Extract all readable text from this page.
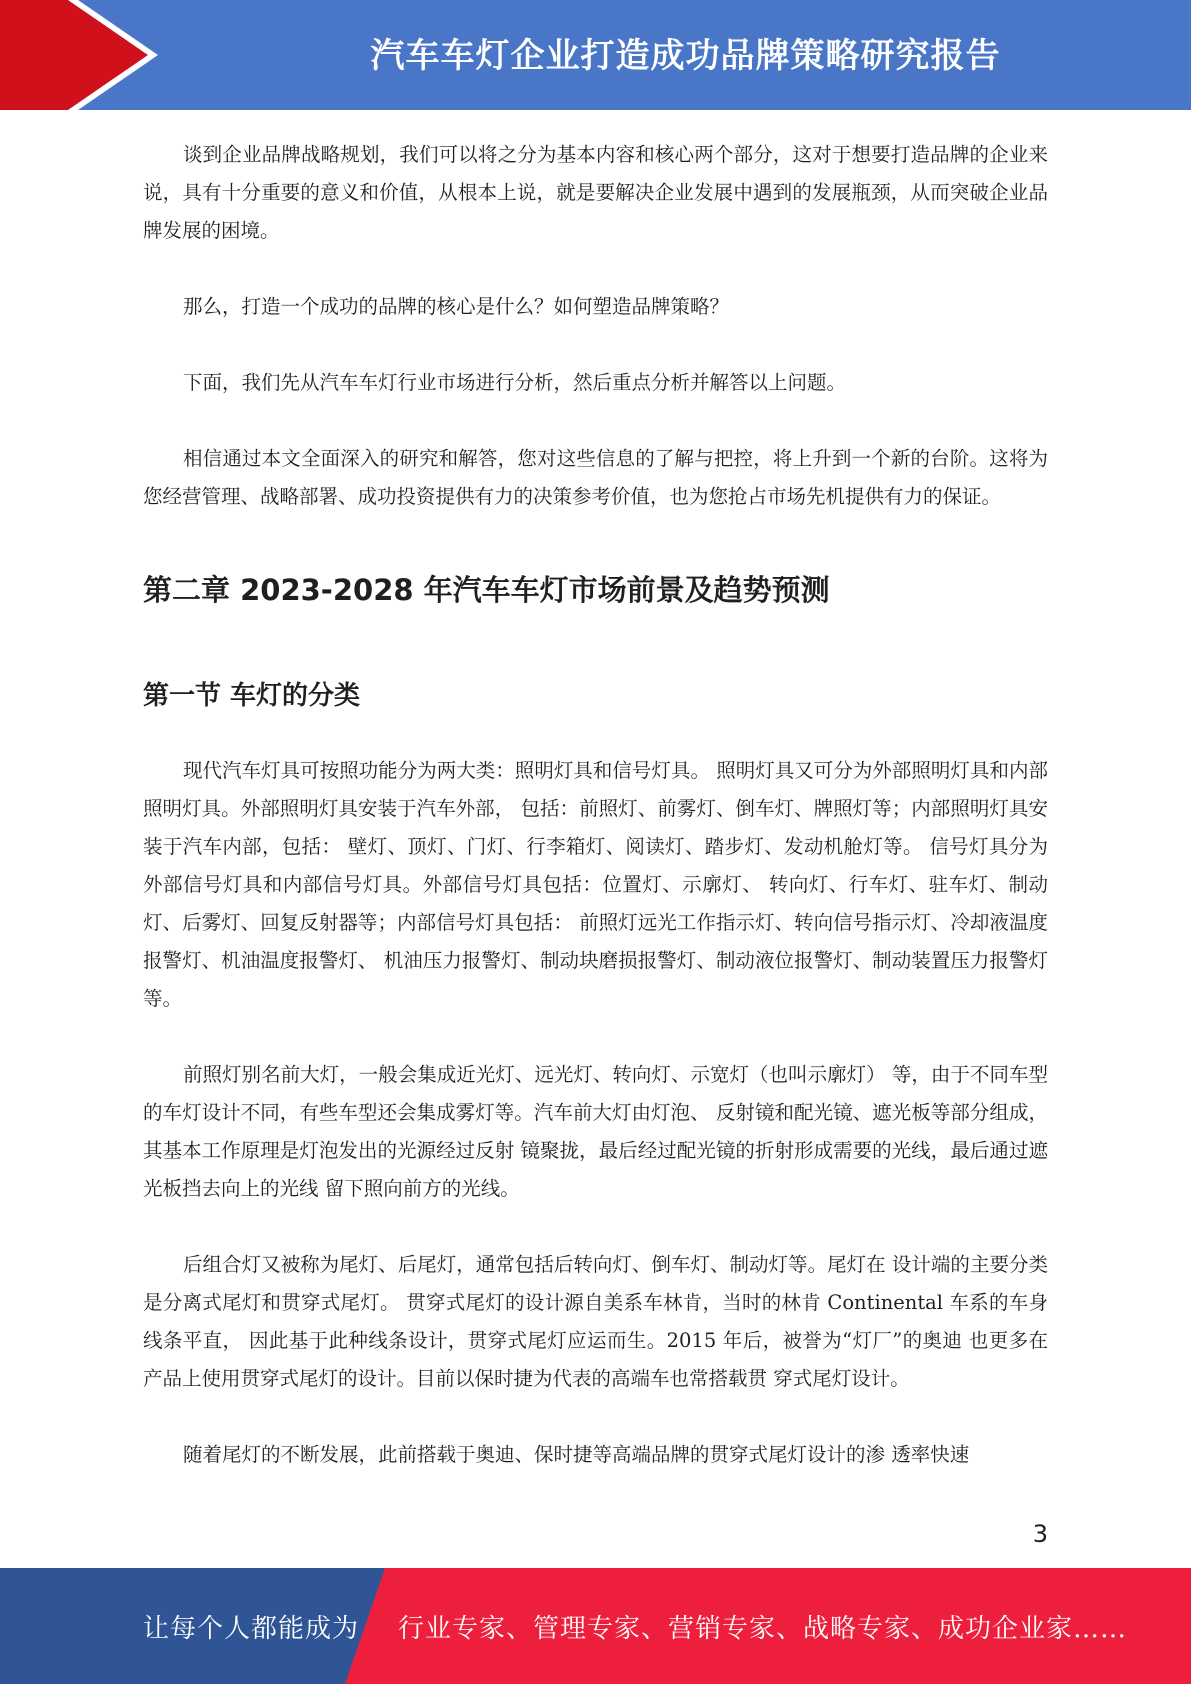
汽车车灯企业打造成功品牌策略研究报告

谈到企业品牌战略规划，我们可以将之分为基本内容和核心两个部分，这对于想要打造品牌的企业来说，具有十分重要的意义和价值，从根本上说，就是要解决企业发展中遇到的发展瓶颈，从而突破企业品牌发展的困境。

那么，打造一个成功的品牌的核心是什么？如何塑造品牌策略？

下面，我们先从汽车车灯行业市场进行分析，然后重点分析并解答以上问题。

相信通过本文全面深入的研究和解答，您对这些信息的了解与把控，将上升到一个新的台阶。这将为您经营管理、战略部署、成功投资提供有力的决策参考价值，也为您抢占市场先机提供有力的保证。

第二章 2023-2028 年汽车车灯市场前景及趋势预测
第一节 车灯的分类

现代汽车灯具可按照功能分为两大类：照明灯具和信号灯具。 照明灯具又可分为外部照明灯具和内部照明灯具。外部照明灯具安装于汽车外部， 包括：前照灯、前雾灯、倒车灯、牌照灯等；内部照明灯具安装于汽车内部，包括： 壁灯、顶灯、门灯、行李箱灯、阅读灯、踏步灯、发动机舱灯等。 信号灯具分为外部信号灯具和内部信号灯具。外部信号灯具包括：位置灯、示廓灯、 转向灯、行车灯、驻车灯、制动灯、后雾灯、回复反射器等；内部信号灯具包括： 前照灯远光工作指示灯、转向信号指示灯、冷却液温度报警灯、机油温度报警灯、 机油压力报警灯、制动块磨损报警灯、制动液位报警灯、制动装置压力报警灯等。

前照灯别名前大灯，一般会集成近光灯、远光灯、转向灯、示宽灯（也叫示廓灯） 等，由于不同车型的车灯设计不同，有些车型还会集成雾灯等。汽车前大灯由灯泡、 反射镜和配光镜、遮光板等部分组成，其基本工作原理是灯泡发出的光源经过反射 镜聚拢，最后经过配光镜的折射形成需要的光线，最后通过遮光板挡去向上的光线 留下照向前方的光线。

后组合灯又被称为尾灯、后尾灯，通常包括后转向灯、倒车灯、制动灯等。尾灯在 设计端的主要分类是分离式尾灯和贯穿式尾灯。 贯穿式尾灯的设计源自美系车林肯，当时的林肯 Continental 车系的车身线条平直， 因此基于此种线条设计，贯穿式尾灯应运而生。2015 年后，被誉为“灯厂”的奥迪 也更多在产品上使用贯穿式尾灯的设计。目前以保时捷为代表的高端车也常搭载贯 穿式尾灯设计。

随着尾灯的不断发展，此前搭载于奥迪、保时捷等高端品牌的贯穿式尾灯设计的渗 透率快速

3
让每个人都能成为 行业专家、管理专家、营销专家、战略专家、成功企业家……
